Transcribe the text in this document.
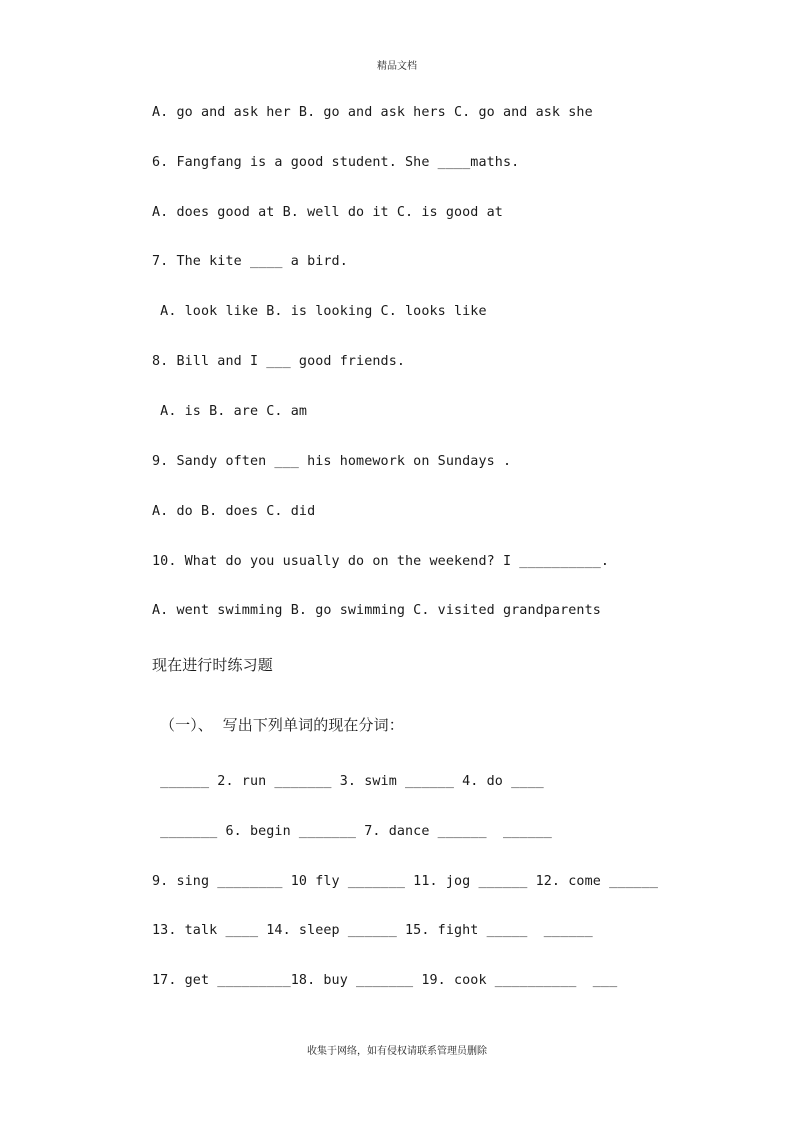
精品文档
A. go and ask her B. go and ask hers C. go and ask she
6. Fangfang is a good student. She ____maths.
A. does good at B. well do it C. is good at
7. The kite ____ a bird.
A. look like B. is looking C. looks like
8. Bill and I ___ good friends.
A. is B. are C. am
9. Sandy often ___ his homework on Sundays .
A. do B. does C. did
10. What do you usually do on the weekend? I __________.
A. went swimming B. go swimming C. visited grandparents
现在进行时练习题
（一）、  写出下列单词的现在分词：
______ 2. run _______ 3. swim ______ 4. do ____
_______ 6. begin _______ 7. dance ______  ______
9. sing ________ 10 fly _______ 11. jog ______ 12. come ______
13. talk ____ 14. sleep ______ 15. fight _____  ______
17. get _________18. buy _______ 19. cook __________  ___
收集于网络，如有侵权请联系管理员删除
